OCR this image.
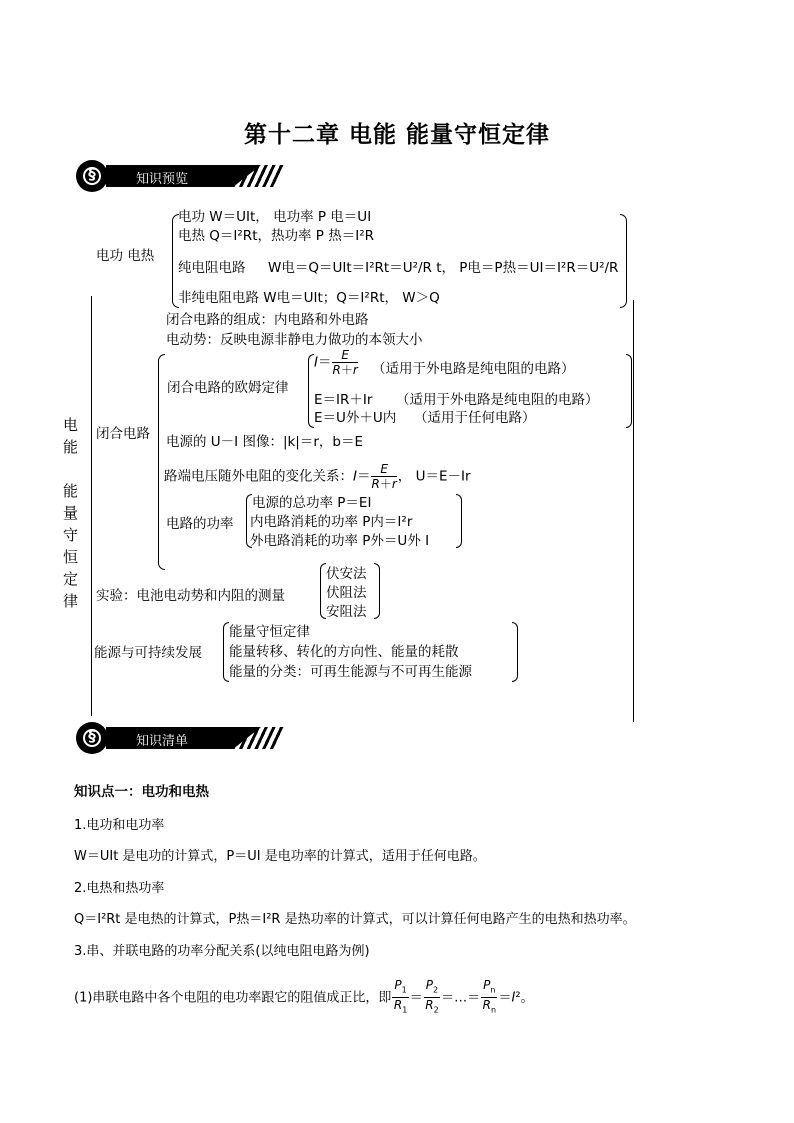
第十二章 电能 能量守恒定律
§	知识预览
电能
能量守恒定律
电功 电热
电功 W＝UIt， 电功率 P 电＝UI
电热 Q＝I²Rt，热功率 P 热＝I²R
纯电阻电路 W电＝Q＝UIt＝I²Rt＝U²/R t， P电＝P热＝UI＝I²R＝U²/R
非纯电阻电路 W电＝UIt；Q＝I²Rt， W＞Q
闭合电路的组成：内电路和外电路
电动势：反映电源非静电力做功的本领大小
闭合电路
闭合电路的欧姆定律
$I= \frac{E}{R+r}$ （适用于外电路是纯电阻的电路）
E＝IR＋Ir （适用于外电路是纯电阻的电路）
E＝U外＋U内 （适用于任何电路）
电源的 U－I 图像：|k|＝r，b＝E
路端电压随外电阻的变化关系：$I= \frac{E}{R+r}$ ， U＝E－Ir
电路的功率
电源的总功率 P＝EI
内电路消耗的功率 P内＝I²r
外电路消耗的功率 P外＝U外 I
实验：电池电动势和内阻的测量
伏安法
伏阻法
安阻法
能源与可持续发展
能量守恒定律
能量转移、转化的方向性、能量的耗散
能量的分类：可再生能源与不可再生能源
§	知识清单
知识点一：电功和电热
1.电功和电功率
W＝UIt 是电功的计算式，P＝UI 是电功率的计算式，适用于任何电路。
2.电热和热功率
Q＝I²Rt 是电热的计算式，P热＝I²R 是热功率的计算式，可以计算任何电路产生的电热和热功率。
3.串、并联电路的功率分配关系(以纯电阻电路为例)
(1)串联电路中各个电阻的电功率跟它的阻值成正比，即 $\frac{P_1}{R_1} = \frac{P_2}{R_2}$ ＝…＝ $\frac{P_n}{R_n} =I^2$。
